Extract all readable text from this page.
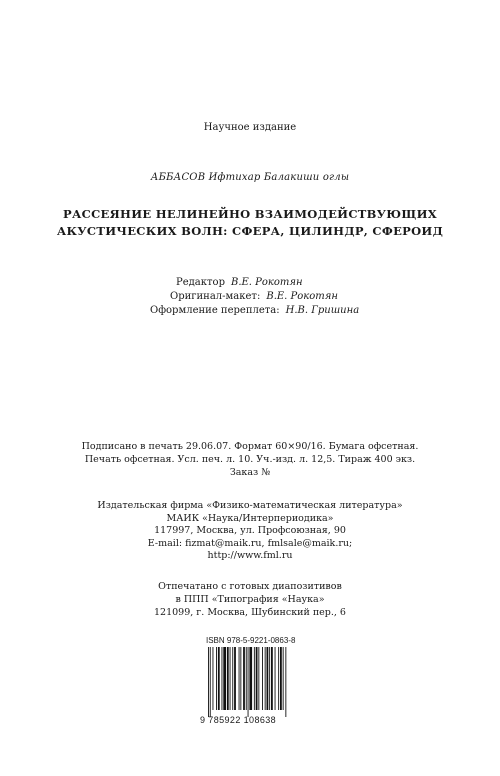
Научное издание
АББАСОВ Ифтихар Балакиши оглы
РАССЕЯНИЕ НЕЛИНЕЙНО ВЗАИМОДЕЙСТВУЮЩИХ
АКУСТИЧЕСКИХ ВОЛН: СФЕРА, ЦИЛИНДР, СФЕРОИД
Редактор В.Е. Рокотян
Оригинал-макет: В.Е. Рокотян
Оформление переплета: Н.В. Гришина
Подписано в печать 29.06.07. Формат 60×90/16. Бумага офсетная.
Печать офсетная. Усл. печ. л. 10. Уч.-изд. л. 12,5. Тираж 400 экз.
Заказ №
Издательская фирма «Физико-математическая литература»
МАИК «Наука/Интерпериодика»
117997, Москва, ул. Профсоюзная, 90
E-mail: fizmat@maik.ru, fmlsale@maik.ru;
http://www.fml.ru
Отпечатано с готовых диапозитивов
в ППП «Типография «Наука»
121099, г. Москва, Шубинский пер., 6
ISBN 978-5-9221-0863-8
9 785922 108638
